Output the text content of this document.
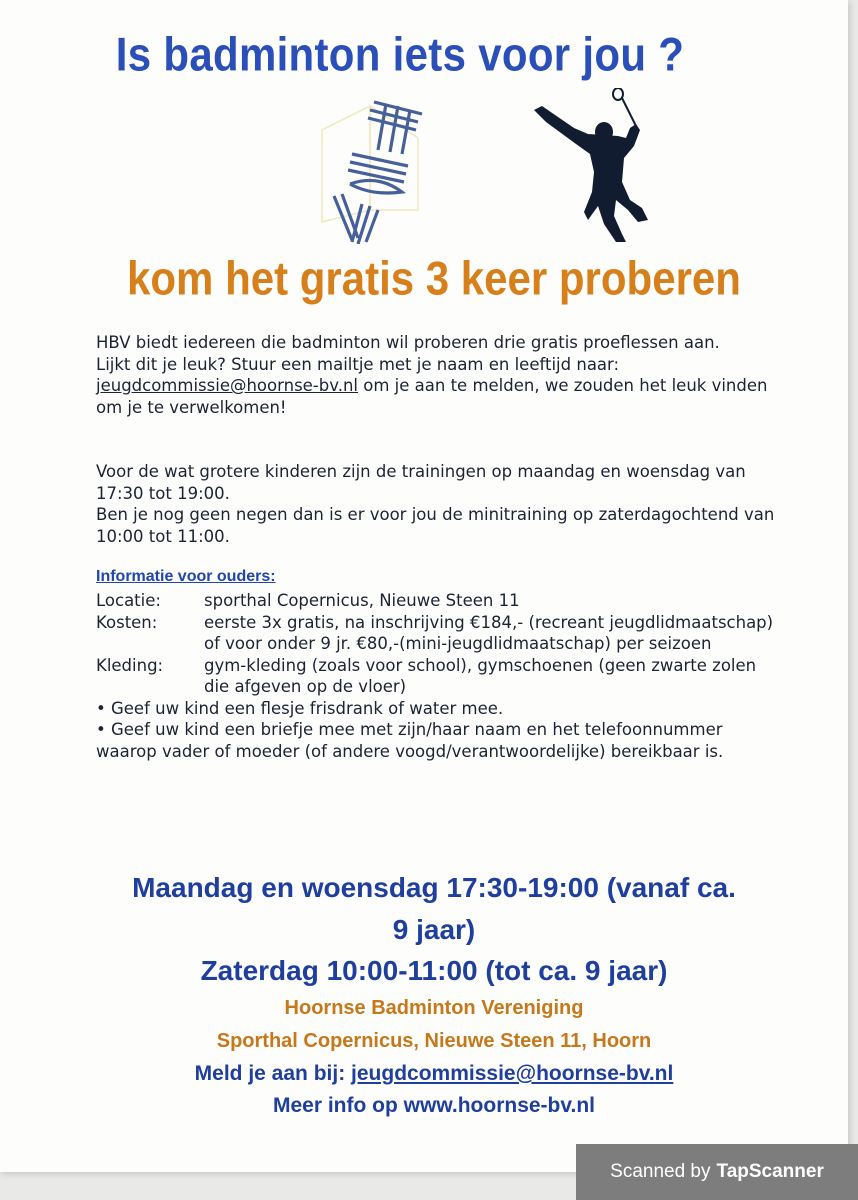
Is badminton iets voor jou ?
kom het gratis 3 keer proberen

HBV biedt iedereen die badminton wil proberen drie gratis proeflessen aan.

Lijkt dit je leuk? Stuur een mailtje met je naam en leeftijd naar:

jeugdcommissie@hoornse-bv.nl om je aan te melden, we zouden het leuk vinden om je te verwelkomen!

Voor de wat grotere kinderen zijn de trainingen op maandag en woensdag van 17:30 tot 19:00.

Ben je nog geen negen dan is er voor jou de minitraining op zaterdagochtend van 10:00 tot 11:00.

Informatie voor ouders:
Locatie:	sporthal Copernicus, Nieuwe Steen 11
Kosten:	eerste 3x gratis, na inschrijving €184,- (recreant jeugdlidmaatschap) of voor onder 9 jr. €80,-(mini-jeugdlidmaatschap) per seizoen
Kleding:	gym-kleding (zoals voor school), gymschoenen (geen zwarte zolen die afgeven op de vloer)

• Geef uw kind een flesje frisdrank of water mee.

• Geef uw kind een briefje mee met zijn/haar naam en het telefoonnummer waarop vader of moeder (of andere voogd/verantwoordelijke) bereikbaar is.

Maandag en woensdag 17:30-19:00 (vanaf ca.
9 jaar)
Zaterdag 10:00-11:00 (tot ca. 9 jaar)
Hoornse Badminton Vereniging
Sporthal Copernicus, Nieuwe Steen 11, Hoorn
Meld je aan bij: jeugdcommissie@hoornse-bv.nl
Meer info op www.hoornse-bv.nl
Scanned by TapScanner
